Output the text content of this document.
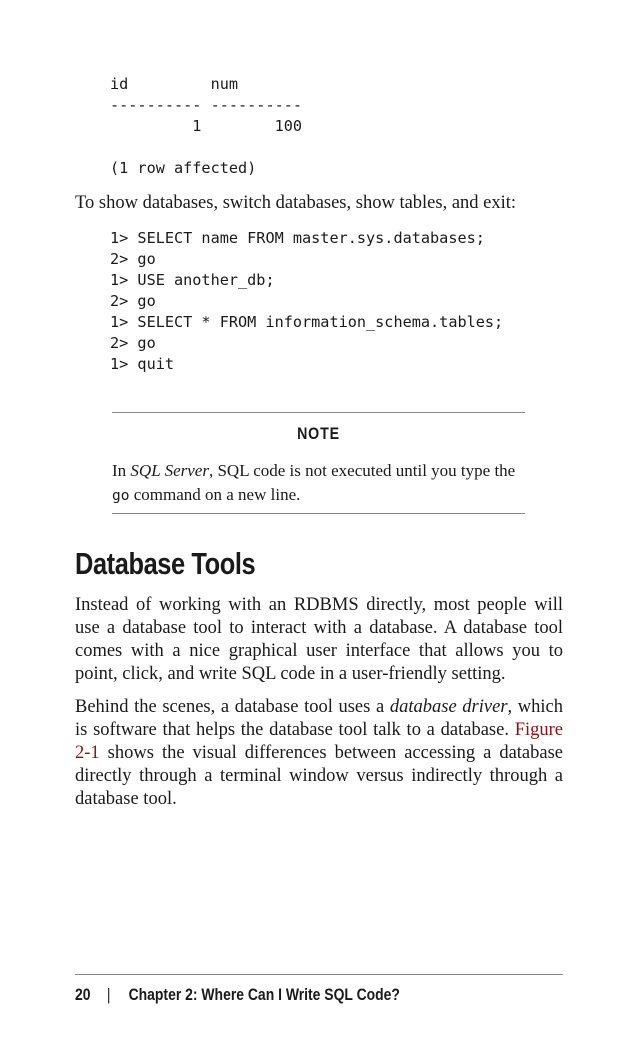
id         num
---------- ----------
1        100

(1 row affected)

To show databases, switch databases, show tables, and exit:

1> SELECT name FROM master.sys.databases;
2> go
1> USE another_db;
2> go
1> SELECT * FROM information_schema.tables;
2> go
1> quit
NOTE

In SQL Server, SQL code is not executed until you type the
go command on a new line.

Database Tools

Instead of working with an RDBMS directly, most people will use a database tool to interact with a database. A database tool comes with a nice graphical user interface that allows you to point, click, and write SQL code in a user-friendly setting.

Behind the scenes, a database tool uses a database driver, which is software that helps the database tool talk to a database. Figure 2-1 shows the visual differences between accessing a database directly through a terminal window versus indirectly through a database tool.

20 | Chapter 2: Where Can I Write SQL Code?
